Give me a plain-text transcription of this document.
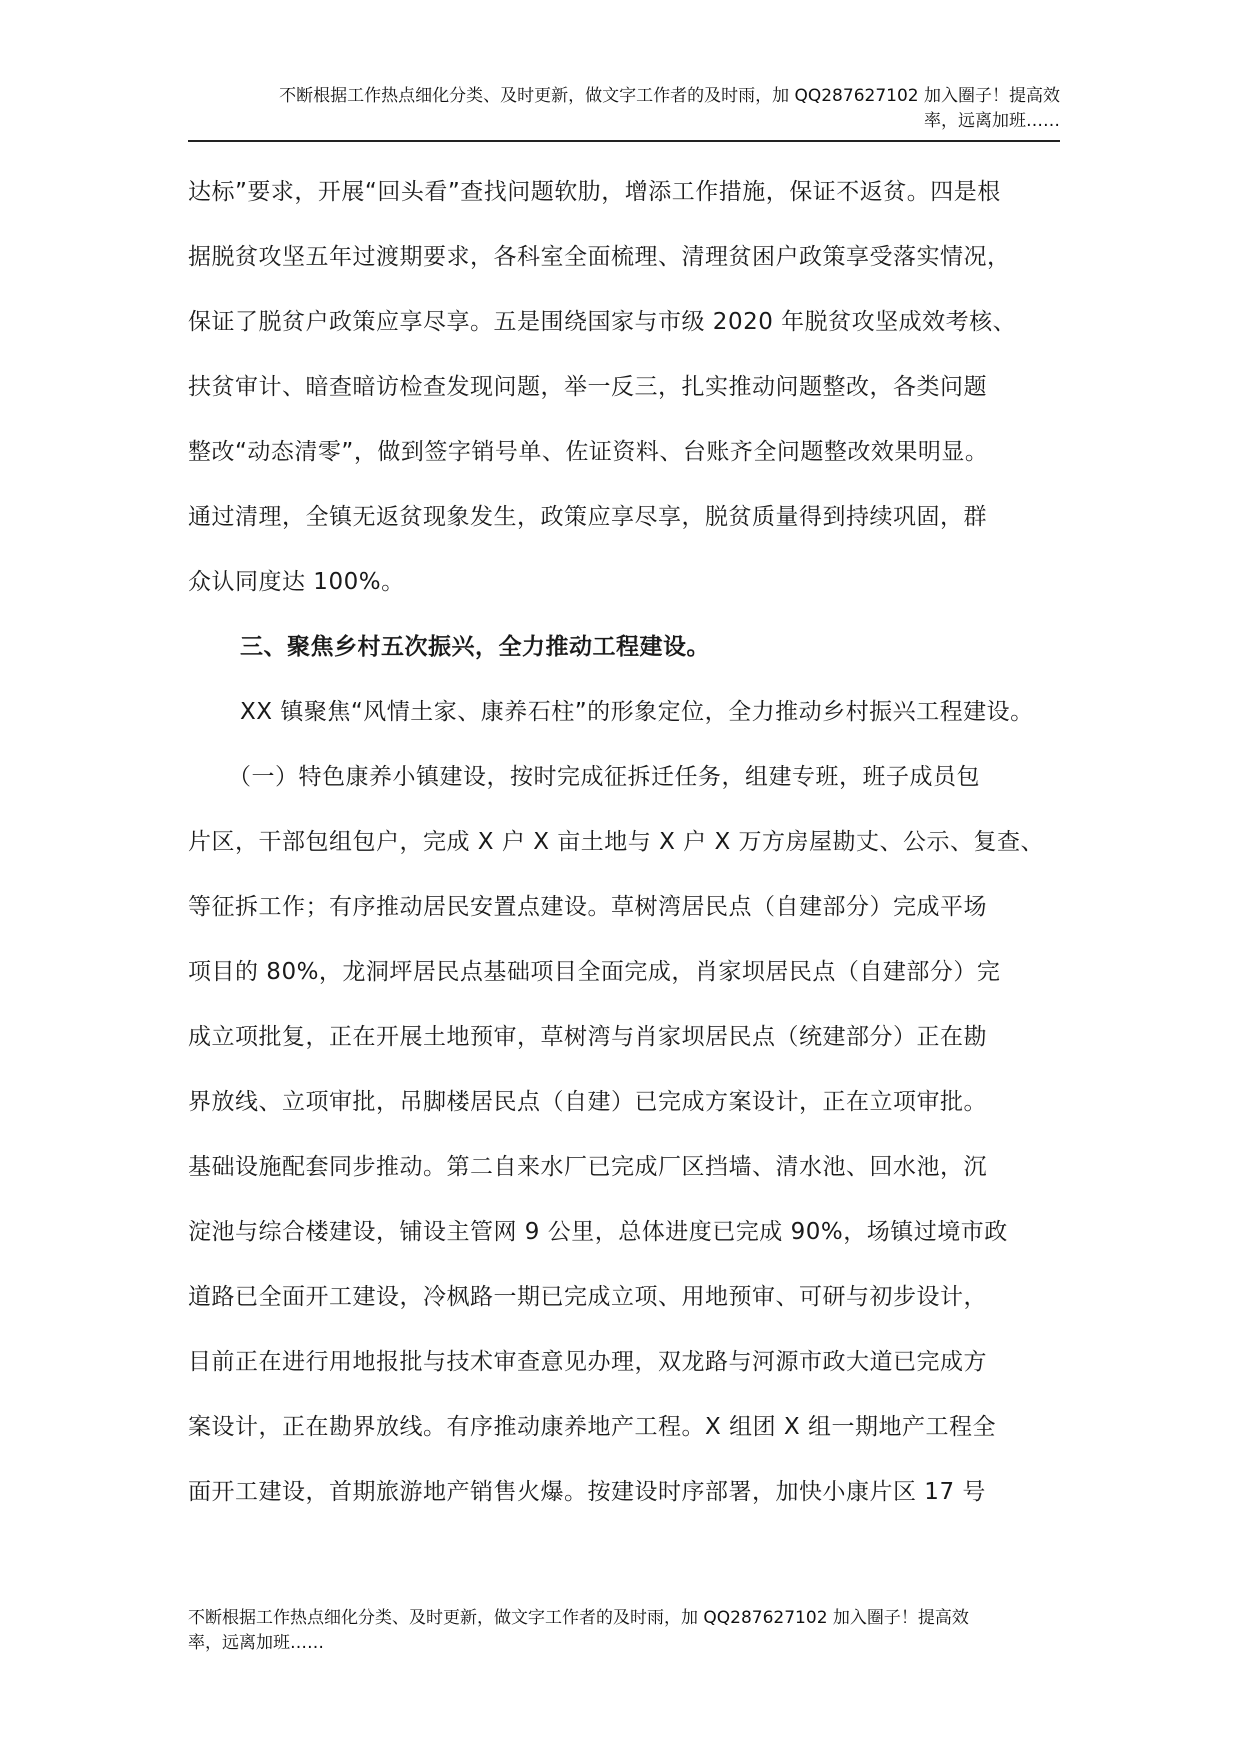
不断根据工作热点细化分类、及时更新，做文字工作者的及时雨，加 QQ287627102 加入圈子！提高效
率，远离加班……
达标”要求，开展“回头看”查找问题软肋，增添工作措施，保证不返贫。四是根
据脱贫攻坚五年过渡期要求，各科室全面梳理、清理贫困户政策享受落实情况，
保证了脱贫户政策应享尽享。五是围绕国家与市级 2020 年脱贫攻坚成效考核、
扶贫审计、暗查暗访检查发现问题，举一反三，扎实推动问题整改，各类问题
整改“动态清零”，做到签字销号单、佐证资料、台账齐全问题整改效果明显。
通过清理，全镇无返贫现象发生，政策应享尽享，脱贫质量得到持续巩固，群
众认同度达 100%。
三、聚焦乡村五次振兴，全力推动工程建设。
XX 镇聚焦“风情土家、康养石柱”的形象定位，全力推动乡村振兴工程建设。
（一）特色康养小镇建设，按时完成征拆迁任务，组建专班，班子成员包
片区，干部包组包户，完成 X 户 X 亩土地与 X 户 X 万方房屋勘丈、公示、复查、
等征拆工作；有序推动居民安置点建设。草树湾居民点（自建部分）完成平场
项目的 80%，龙洞坪居民点基础项目全面完成，肖家坝居民点（自建部分）完
成立项批复，正在开展土地预审，草树湾与肖家坝居民点（统建部分）正在勘
界放线、立项审批，吊脚楼居民点（自建）已完成方案设计，正在立项审批。
基础设施配套同步推动。第二自来水厂已完成厂区挡墙、清水池、回水池，沉
淀池与综合楼建设，铺设主管网 9 公里，总体进度已完成 90%，场镇过境市政
道路已全面开工建设，冷枫路一期已完成立项、用地预审、可研与初步设计，
目前正在进行用地报批与技术审查意见办理，双龙路与河源市政大道已完成方
案设计，正在勘界放线。有序推动康养地产工程。X 组团 X 组一期地产工程全
面开工建设，首期旅游地产销售火爆。按建设时序部署，加快小康片区 17 号
不断根据工作热点细化分类、及时更新，做文字工作者的及时雨，加 QQ287627102 加入圈子！提高效
率，远离加班……
